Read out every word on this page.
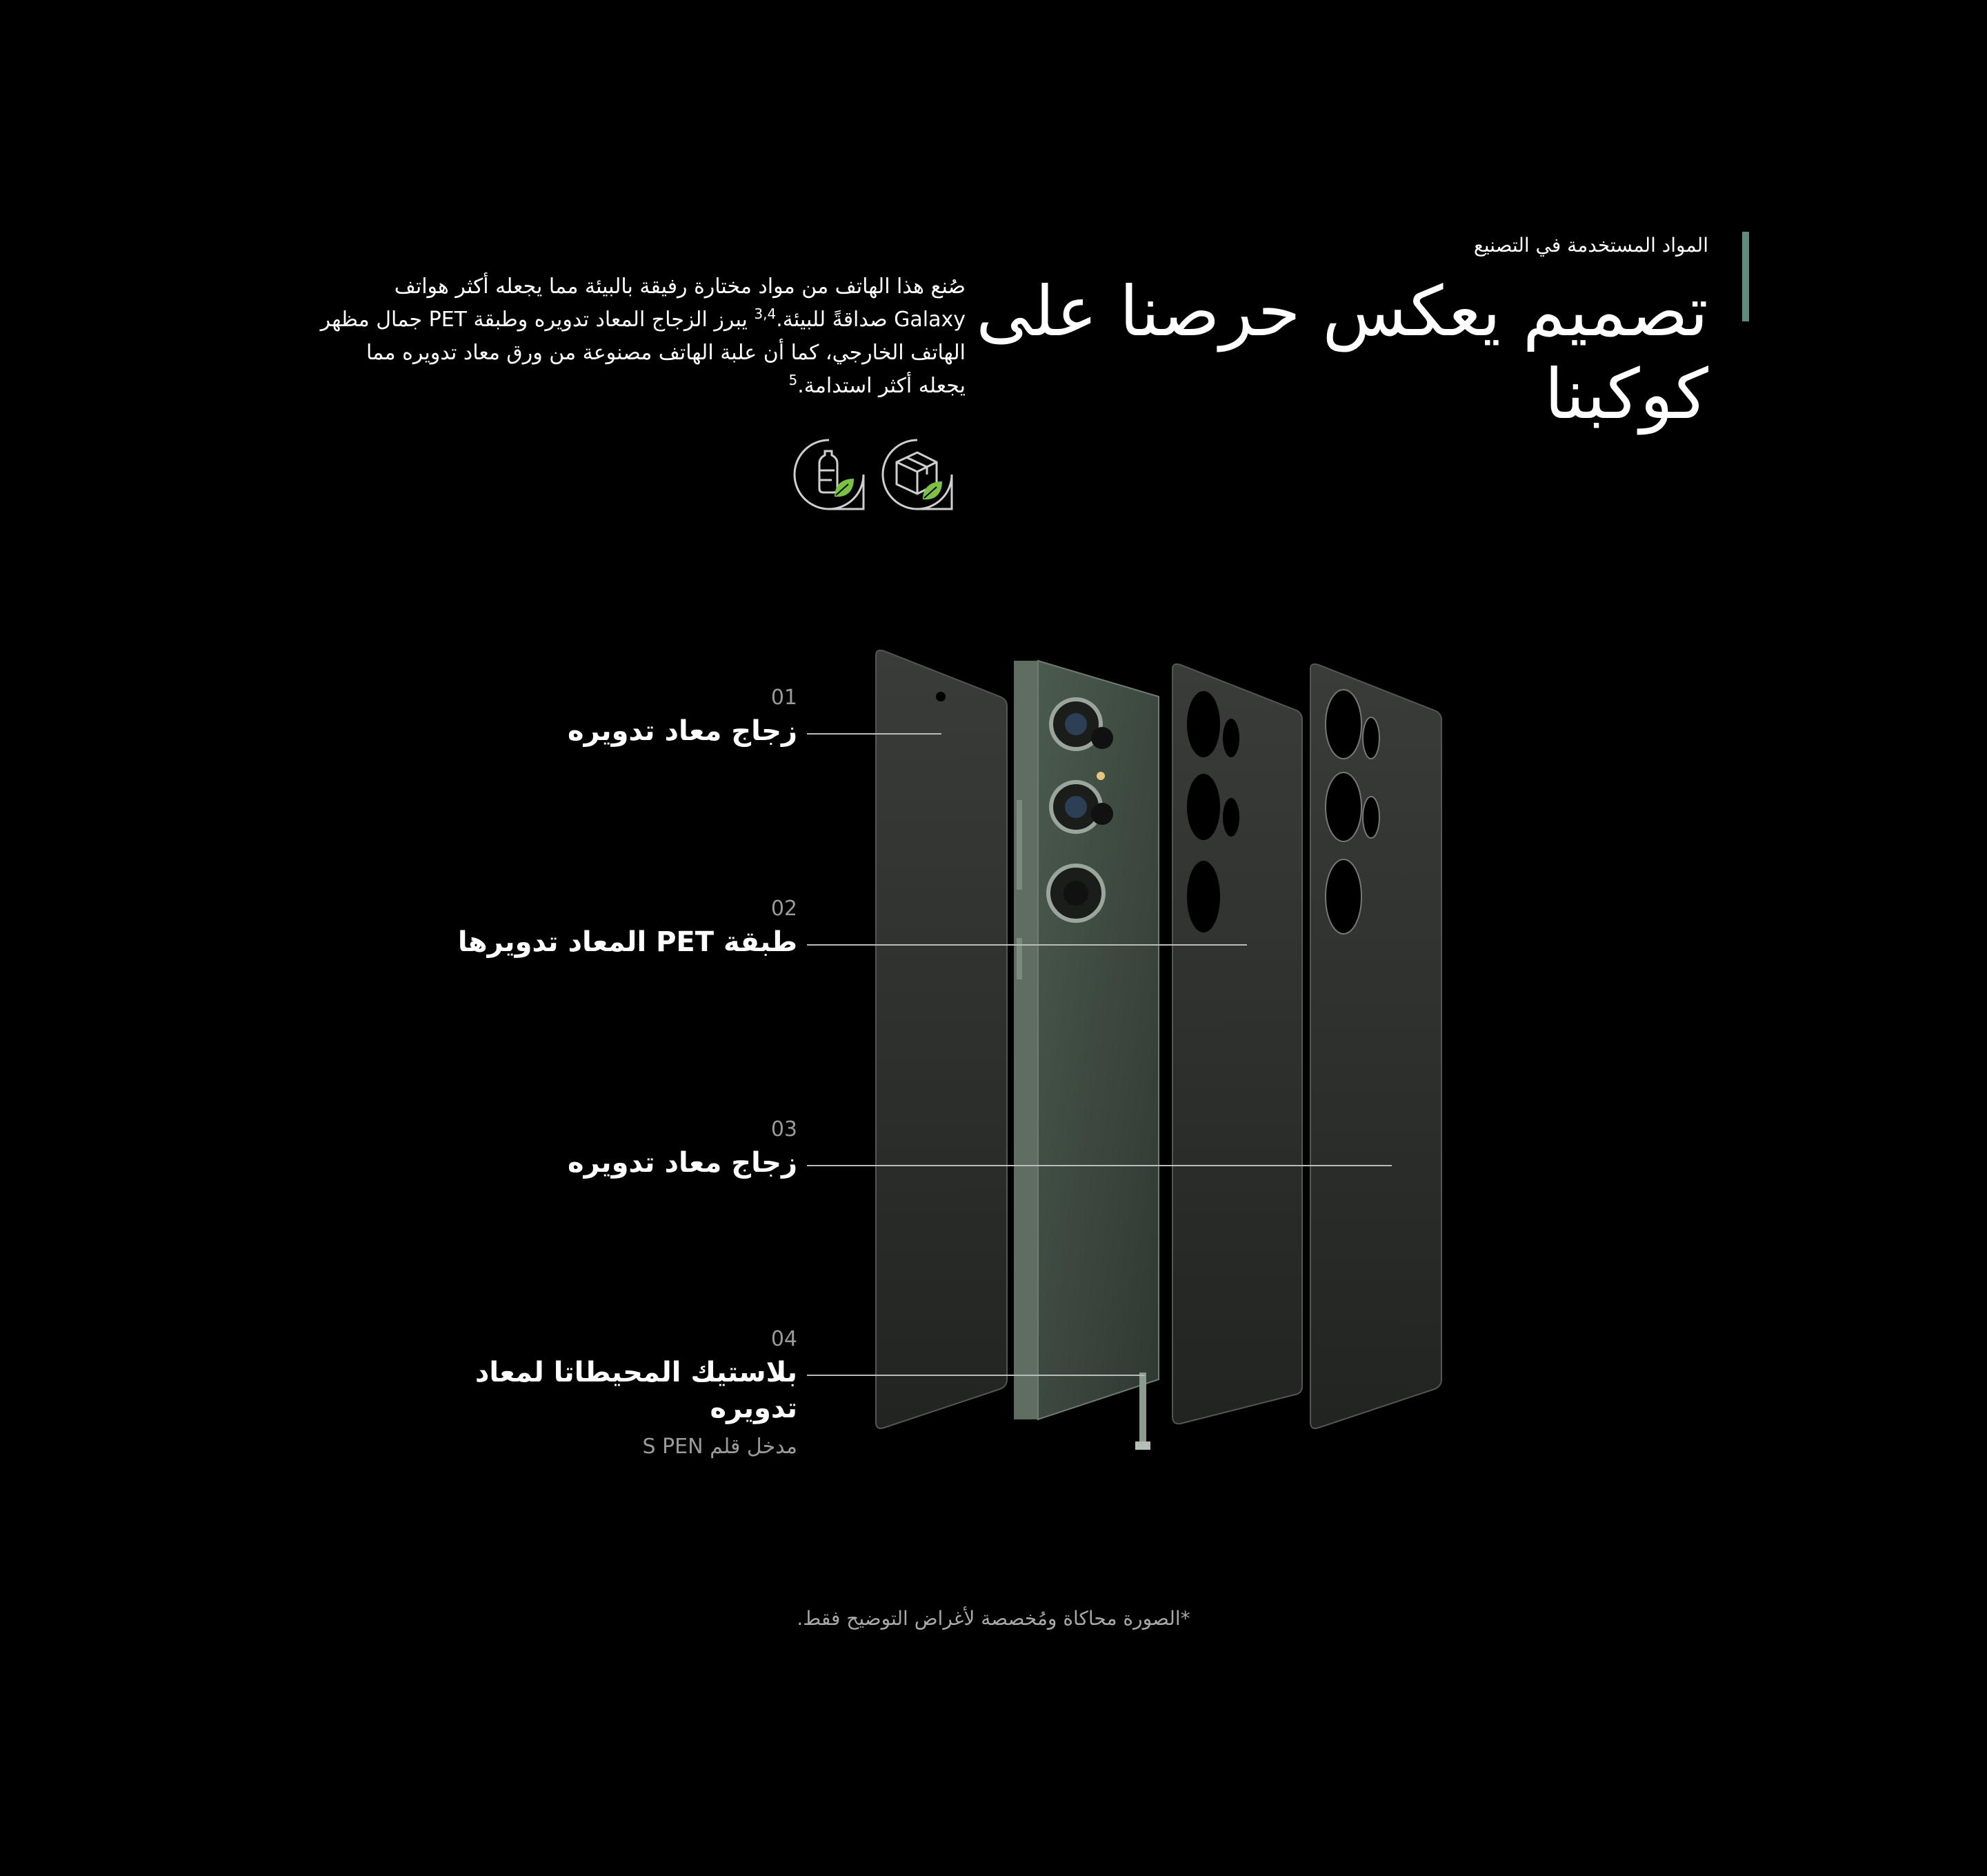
المواد المستخدمة في التصنيع
تصميم يعكس حرصنا على كوكبنا

صُنع هذا الهاتف من مواد مختارة رفيقة بالبيئة مما يجعله أكثر هواتف Galaxy صداقةً للبيئة.$^{3,4}$ يبرز الزجاج المعاد تدويره وطبقة PET جمال مظهر الهاتف الخارجي، كما أن علبة الهاتف مصنوعة من ورق معاد تدويره مما يجعله أكثر استدامة.$^5$

01
زجاج معاد تدويره
02
طبقة PET المعاد تدويرها
03
زجاج معاد تدويره
04
بلاستيك المحيطاتا لمعاد تدويره
مدخل قلم S PEN
*الصورة محاكاة ومُخصصة لأغراض التوضيح فقط.
